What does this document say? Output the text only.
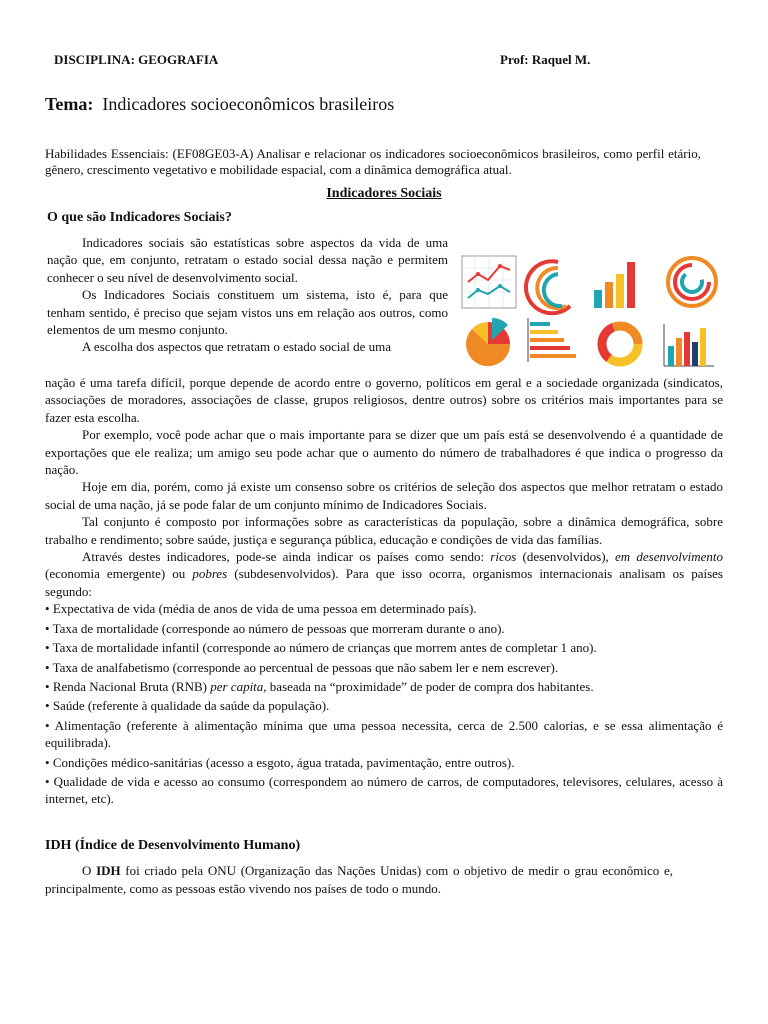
DISCIPLINA: GEOGRAFIA	Prof: Raquel M.
Tema: Indicadores socioeconômicos brasileiros
Habilidades Essenciais: (EF08GE03-A) Analisar e relacionar os indicadores socioeconômicos brasileiros, como perfil etário, gênero, crescimento vegetativo e mobilidade espacial, com a dinâmica demográfica atual.
Indicadores Sociais
O que são Indicadores Sociais?

Indicadores sociais são estatísticas sobre aspectos da vida de uma nação que, em conjunto, retratam o estado social dessa nação e permitem conhecer o seu nível de desenvolvimento social.

Os Indicadores Sociais constituem um sistema, isto é, para que tenham sentido, é preciso que sejam vistos uns em relação aos outros, como elementos de um mesmo conjunto.

A escolha dos aspectos que retratam o estado social de uma

nação é uma tarefa difícil, porque depende de acordo entre o governo, políticos em geral e a sociedade organizada (sindicatos, associações de moradores, associações de classe, grupos religiosos, dentre outros) sobre os critérios mais importantes para se fazer esta escolha.

Por exemplo, você pode achar que o mais importante para se dizer que um país está se desenvolvendo é a quantidade de exportações que ele realiza; um amigo seu pode achar que o aumento do número de trabalhadores é que indica o progresso da nação.

Hoje em dia, porém, como já existe um consenso sobre os critérios de seleção dos aspectos que melhor retratam o estado social de uma nação, já se pode falar de um conjunto mínimo de Indicadores Sociais.

Tal conjunto é composto por informações sobre as características da população, sobre a dinâmica demográfica, sobre trabalho e rendimento; sobre saúde, justiça e segurança pública, educação e condições de vida das famílias.

Através destes indicadores, pode-se ainda indicar os países como sendo: ricos (desenvolvidos), em desenvolvimento (economia emergente) ou pobres (subdesenvolvidos). Para que isso ocorra, organismos internacionais analisam os países segundo:

• Expectativa de vida (média de anos de vida de uma pessoa em determinado país).
• Taxa de mortalidade (corresponde ao número de pessoas que morreram durante o ano).
• Taxa de mortalidade infantil (corresponde ao número de crianças que morrem antes de completar 1 ano).
• Taxa de analfabetismo (corresponde ao percentual de pessoas que não sabem ler e nem escrever).
• Renda Nacional Bruta (RNB) per capita, baseada na “proximidade” de poder de compra dos habitantes.
• Saúde (referente à qualidade da saúde da população).
• Alimentação (referente à alimentação mínima que uma pessoa necessita, cerca de 2.500 calorias, e se essa alimentação é equilibrada).
• Condições médico-sanitárias (acesso a esgoto, água tratada, pavimentação, entre outros).
• Qualidade de vida e acesso ao consumo (correspondem ao número de carros, de computadores, televisores, celulares, acesso à internet, etc).
IDH (Índice de Desenvolvimento Humano)

O IDH foi criado pela ONU (Organização das Nações Unidas) com o objetivo de medir o grau econômico e, principalmente, como as pessoas estão vivendo nos países de todo o mundo.
